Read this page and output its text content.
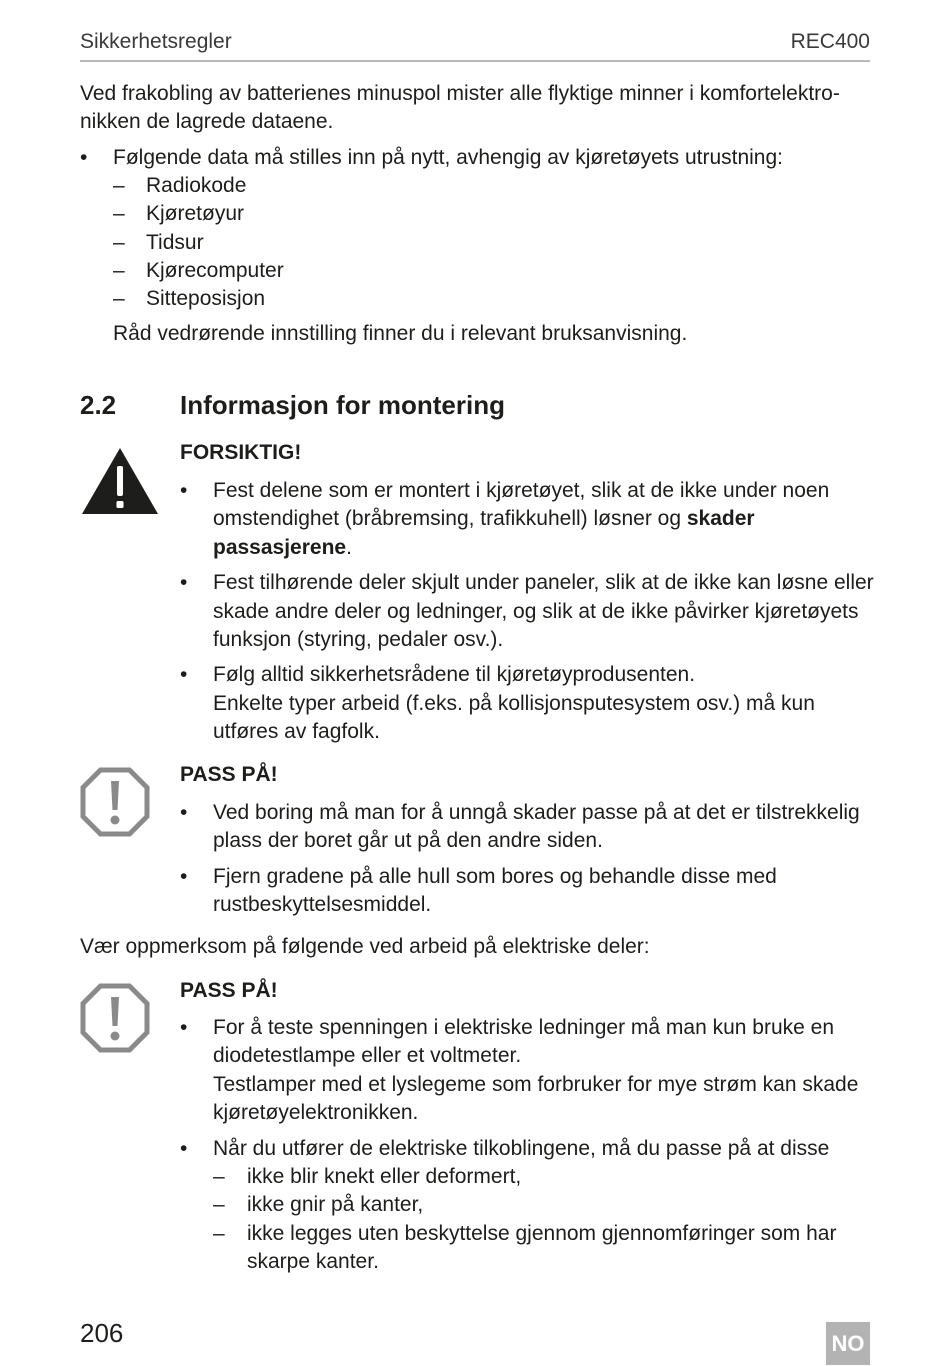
Sikkerhetsregler	REC400
Ved frakobling av batterienes minuspol mister alle flyktige minner i komfortelektro-
nikken de lagrede dataene.
• Følgende data må stilles inn på nytt, avhengig av kjøretøyets utrustning:
– Radiokode
– Kjøretøyur
– Tidsur
– Kjørecomputer
– Sitteposisjon
Råd vedrørende innstilling finner du i relevant bruksanvisning.
2.2 Informasjon for montering
FORSIKTIG!
• Fest delene som er montert i kjøretøyet, slik at de ikke under noen
omstendighet (bråbremsing, trafikkuhell) løsner og skader
passasjerene.
• Fest tilhørende deler skjult under paneler, slik at de ikke kan løsne eller
skade andre deler og ledninger, og slik at de ikke påvirker kjøretøyets
funksjon (styring, pedaler osv.).
• Følg alltid sikkerhetsrådene til kjøretøyprodusenten.
Enkelte typer arbeid (f.eks. på kollisjonsputesystem osv.) må kun
utføres av fagfolk.
PASS PÅ!
• Ved boring må man for å unngå skader passe på at det er tilstrekkelig
plass der boret går ut på den andre siden.
• Fjern gradene på alle hull som bores og behandle disse med
rustbeskyttelsesmiddel.
Vær oppmerksom på følgende ved arbeid på elektriske deler:
PASS PÅ!
• For å teste spenningen i elektriske ledninger må man kun bruke en
diodetestlampe eller et voltmeter.
Testlamper med et lyslegeme som forbruker for mye strøm kan skade
kjøretøyelektronikken.
• Når du utfører de elektriske tilkoblingene, må du passe på at disse
– ikke blir knekt eller deformert,
– ikke gnir på kanter,
– ikke legges uten beskyttelse gjennom gjennomføringer som har
skarpe kanter.
206	NO
